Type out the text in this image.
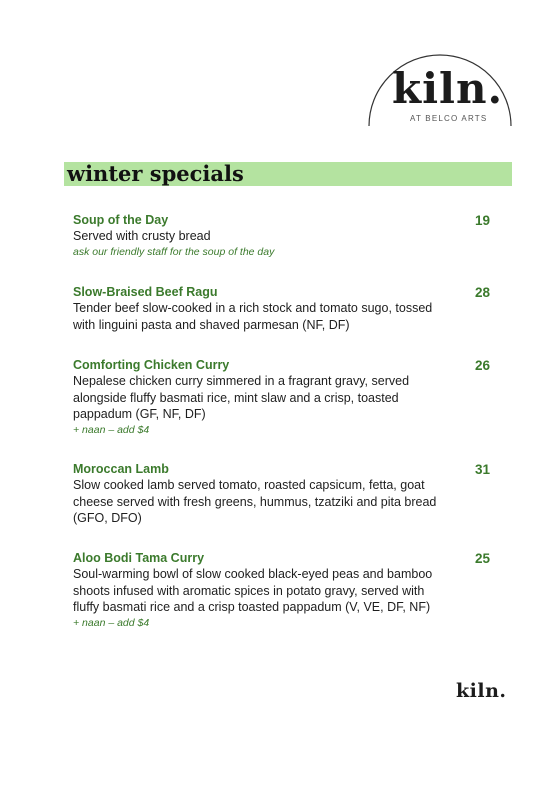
kiln.
AT BELCO ARTS
winter specials
Soup of the Day
Served with crusty bread
ask our friendly staff for the soup of the day
19
Slow-Braised Beef Ragu
Tender beef slow-cooked in a rich stock and tomato sugo, tossed with linguini pasta and shaved parmesan (NF, DF)
28
Comforting Chicken Curry
Nepalese chicken curry simmered in a fragrant gravy, served alongside fluffy basmati rice, mint slaw and a crisp, toasted pappadum (GF, NF, DF)
+ naan – add $4
26
Moroccan Lamb
Slow cooked lamb served tomato, roasted capsicum, fetta, goat cheese served with fresh greens, hummus, tzatziki and pita bread (GFO, DFO)
31
Aloo Bodi Tama Curry
Soul-warming bowl of slow cooked black-eyed peas and bamboo shoots infused with aromatic spices in potato gravy, served with fluffy basmati rice and a crisp toasted pappadum (V, VE, DF, NF)
+ naan – add $4
25
kiln.
